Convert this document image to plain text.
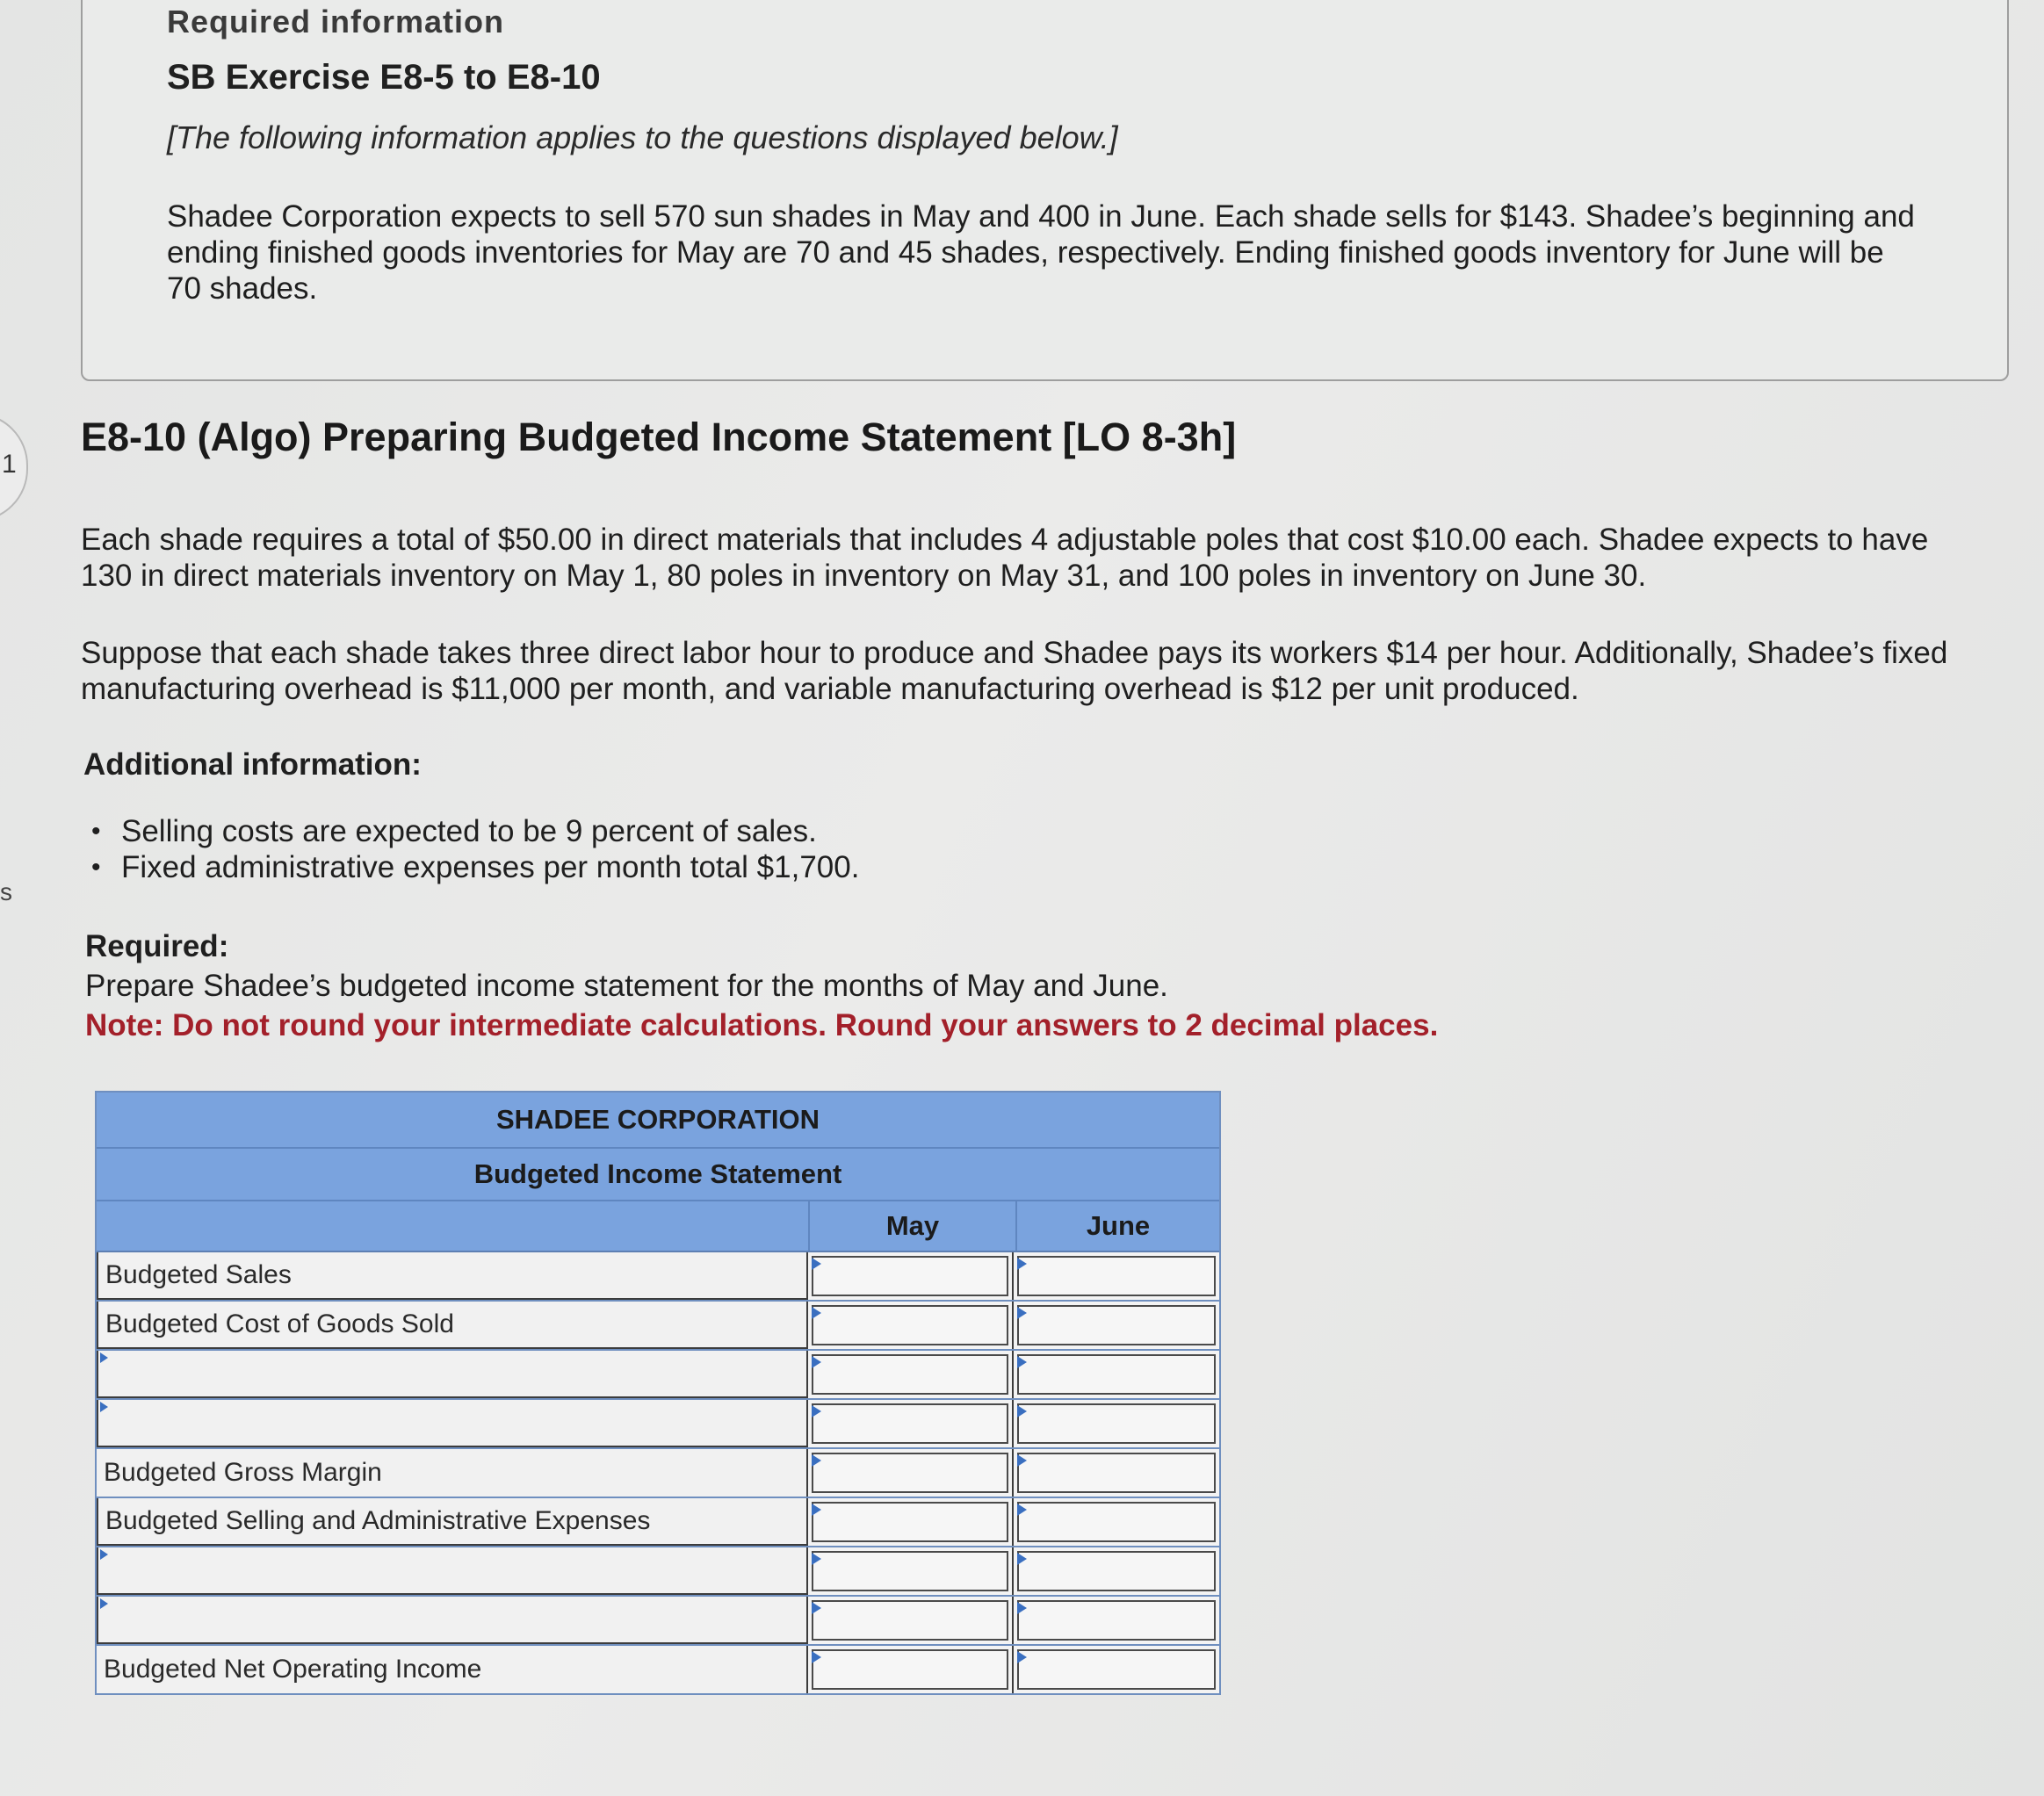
1
s
Required information
SB Exercise E8-5 to E8-10
[The following information applies to the questions displayed below.]
Shadee Corporation expects to sell 570 sun shades in May and 400 in June. Each shade sells for $143. Shadee’s beginning and ending finished goods inventories for May are 70 and 45 shades, respectively. Ending finished goods inventory for June will be 70 shades.
E8-10 (Algo) Preparing Budgeted Income Statement [LO 8-3h]

Each shade requires a total of $50.00 in direct materials that includes 4 adjustable poles that cost $10.00 each. Shadee expects to have 130 in direct materials inventory on May 1, 80 poles in inventory on May 31, and 100 poles in inventory on June 30.

Suppose that each shade takes three direct labor hour to produce and Shadee pays its workers $14 per hour. Additionally, Shadee’s fixed manufacturing overhead is $11,000 per month, and variable manufacturing overhead is $12 per unit produced.

Additional information:
• Selling costs are expected to be 9 percent of sales.
• Fixed administrative expenses per month total $1,700.
Required:
Prepare Shadee’s budgeted income statement for the months of May and June.
Note: Do not round your intermediate calculations. Round your answers to 2 decimal places.
SHADEE CORPORATION
Budgeted Income Statement
May	June
Budgeted Sales
Budgeted Cost of Goods Sold
Budgeted Gross Margin
Budgeted Selling and Administrative Expenses
Budgeted Net Operating Income
